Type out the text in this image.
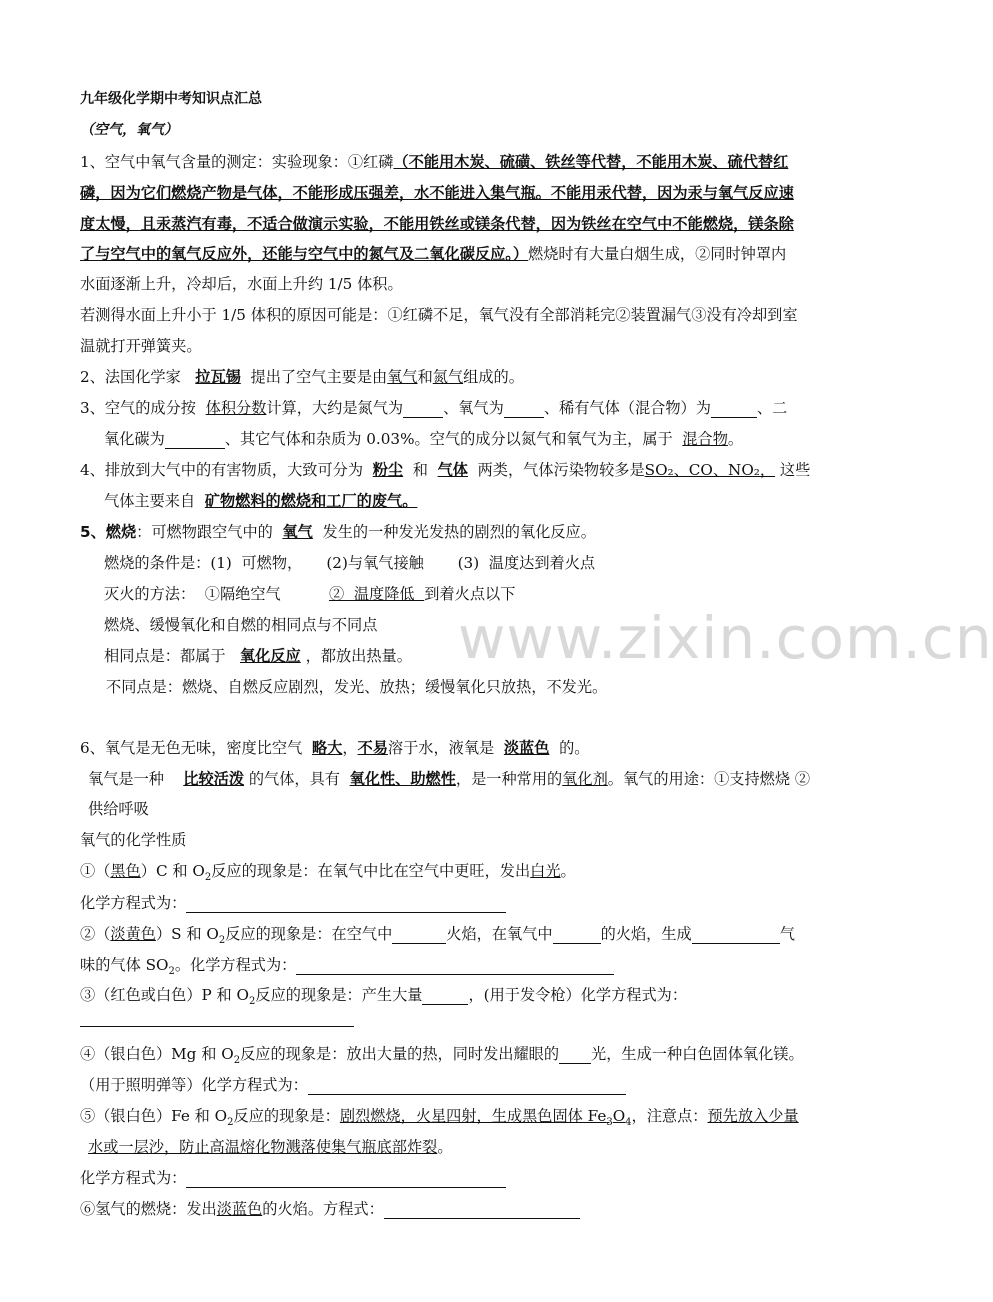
www.zixin.com.cn
九年级化学期中考知识点汇总
（空气，氧气）
1、空气中氧气含量的测定：实验现象：①红磷（不能用木炭、硫磺、铁丝等代替，不能用木炭、硫代替红
磷，因为它们燃烧产物是气体，不能形成压强差，水不能进入集气瓶。不能用汞代替，因为汞与氧气反应速
度太慢，且汞蒸汽有毒，不适合做演示实验，不能用铁丝或镁条代替，因为铁丝在空气中不能燃烧，镁条除
了与空气中的氧气反应外，还能与空气中的氮气及二氧化碳反应。）燃烧时有大量白烟生成，②同时钟罩内
水面逐渐上升，冷却后，水面上升约 1/5 体积。
若测得水面上升小于 1/5 体积的原因可能是：①红磷不足，氧气没有全部消耗完②装置漏气③没有冷却到室
温就打开弹簧夹。
2、法国化学家 拉瓦锡 提出了空气主要是由氧气和氮气组成的。
3、空气的成分按 体积分数计算，大约是氮气为	、氧气为	、稀有气体（混合物）为	、二
氧化碳为	、其它气体和杂质为 0.03%。空气的成分以氮气和氧气为主，属于 混合物。
4、排放到大气中的有害物质，大致可分为 粉尘 和 气体 两类，气体污染物较多是SO₂、CO、NO₂， 这些
气体主要来自 矿物燃料的燃烧和工厂的废气。
5、燃烧：可燃物跟空气中的 氧气 发生的一种发光发热的剧烈的氧化反应。
燃烧的条件是：(1)  可燃物，     (2)与氧气接触       (3)  温度达到着火点
灭火的方法：  ①隔绝空气          ②  温度降低  到着火点以下
燃烧、缓慢氧化和自燃的相同点与不同点
相同点是：都属于 氧化反应 ，都放出热量。
不同点是：燃烧、自燃反应剧烈，发光、放热；缓慢氧化只放热，不发光。
6、氧气是无色无味，密度比空气 略大，不易溶于水，液氧是 淡蓝色 的。
氧气是一种 比较活泼 的气体，具有 氧化性、助燃性，是一种常用的氧化剂。氧气的用途：①支持燃烧 ②
供给呼吸
氧气的化学性质
①（黑色）C 和 $O_2$反应的现象是：在氧气中比在空气中更旺，发出白光。
化学方程式为：
②（淡黄色）S 和 $O_2$反应的现象是：在空气中	火焰，在氧气中	的火焰，生成	气
味的气体 $SO_2$。化学方程式为：
③（红色或白色）P 和 $O_2$反应的现象是：产生大量	，(用于发令枪）化学方程式为：
④（银白色）Mg 和 $O_2$反应的现象是：放出大量的热，同时发出耀眼的 光，生成一种白色固体氧化镁。
（用于照明弹等）化学方程式为：
⑤（银白色）Fe 和 $O_2$反应的现象是：剧烈燃烧，火星四射，生成黑色固体 $Fe_3O_4$，注意点：预先放入少量
水或一层沙，防止高温熔化物溅落使集气瓶底部炸裂。
化学方程式为：
⑥氢气的燃烧：发出淡蓝色的火焰。方程式：
